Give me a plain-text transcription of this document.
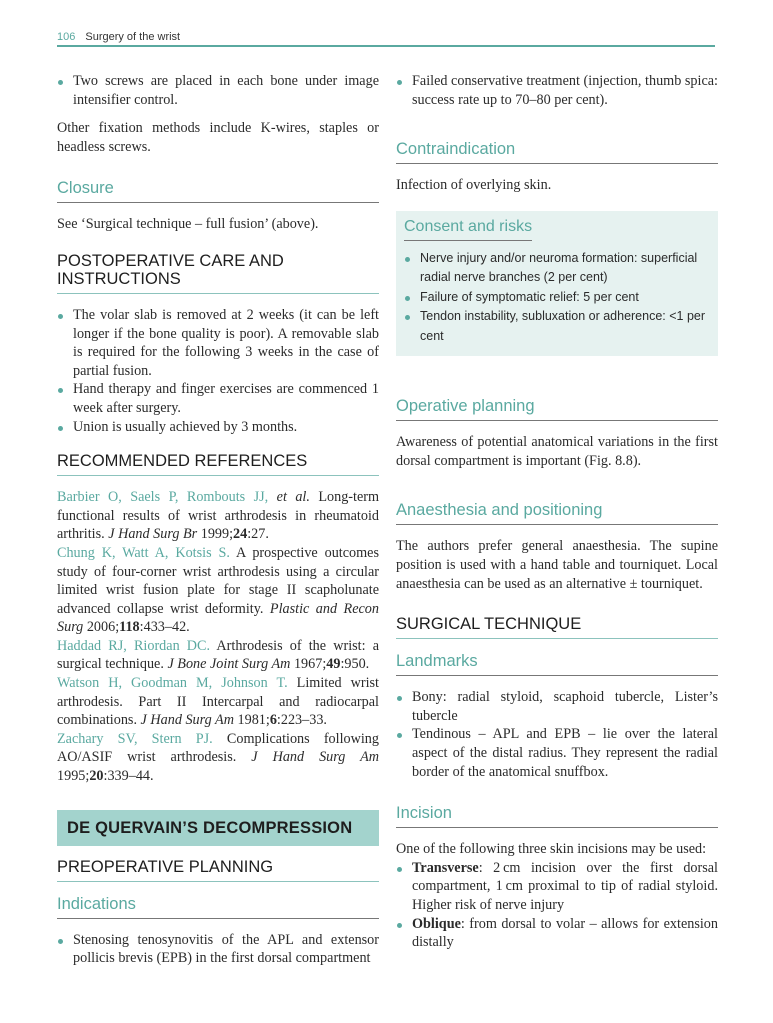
106 Surgery of the wrist
Two screws are placed in each bone under image intensifier control.

Other fixation methods include K-wires, staples or headless screws.

Closure

See ‘Surgical technique – full fusion’ (above).

POSTOPERATIVE CARE AND INSTRUCTIONS
The volar slab is removed at 2 weeks (it can be left longer if the bone quality is poor). A removable slab is required for the following 3 weeks in the case of partial fusion.
Hand therapy and finger exercises are commenced 1 week after surgery.
Union is usually achieved by 3 months.
RECOMMENDED REFERENCES
Barbier O, Saels P, Rombouts JJ, et al. Long-term functional results of wrist arthrodesis in rheumatoid arthritis. J Hand Surg Br 1999;24:27.
Chung K, Watt A, Kotsis S. A prospective outcomes study of four-corner wrist arthrodesis using a circular limited wrist fusion plate for stage II scapholunate advanced collapse wrist deformity. Plastic and Recon Surg 2006;118:433–42.
Haddad RJ, Riordan DC. Arthrodesis of the wrist: a surgical technique. J Bone Joint Surg Am 1967;49:950.
Watson H, Goodman M, Johnson T. Limited wrist arthrodesis. Part II Intercarpal and radiocarpal combinations. J Hand Surg Am 1981;6:223–33.
Zachary SV, Stern PJ. Complications following AO/ASIF wrist arthrodesis. J Hand Surg Am 1995;20:339–44.
DE QUERVAIN’S DECOMPRESSION
PREOPERATIVE PLANNING
Indications
Stenosing tenosynovitis of the APL and extensor pollicis brevis (EPB) in the first dorsal compartment
Failed conservative treatment (injection, thumb spica: success rate up to 70–80 per cent).
Contraindication

Infection of overlying skin.

Consent and risks
Nerve injury and/or neuroma formation: superficial radial nerve branches (2 per cent)
Failure of symptomatic relief: 5 per cent
Tendon instability, subluxation or adherence: <1 per cent
Operative planning

Awareness of potential anatomical variations in the first dorsal compartment is important (Fig. 8.8).

Anaesthesia and positioning

The authors prefer general anaesthesia. The supine position is used with a hand table and tourniquet. Local anaesthesia can be used as an alternative ± tourniquet.

SURGICAL TECHNIQUE
Landmarks
Bony: radial styloid, scaphoid tubercle, Lister’s tubercle
Tendinous – APL and EPB – lie over the lateral aspect of the distal radius. They represent the radial border of the anatomical snuffbox.
Incision

One of the following three skin incisions may be used:

Transverse: 2 cm incision over the first dorsal compartment, 1 cm proximal to tip of radial styloid. Higher risk of nerve injury
Oblique: from dorsal to volar – allows for extension distally
